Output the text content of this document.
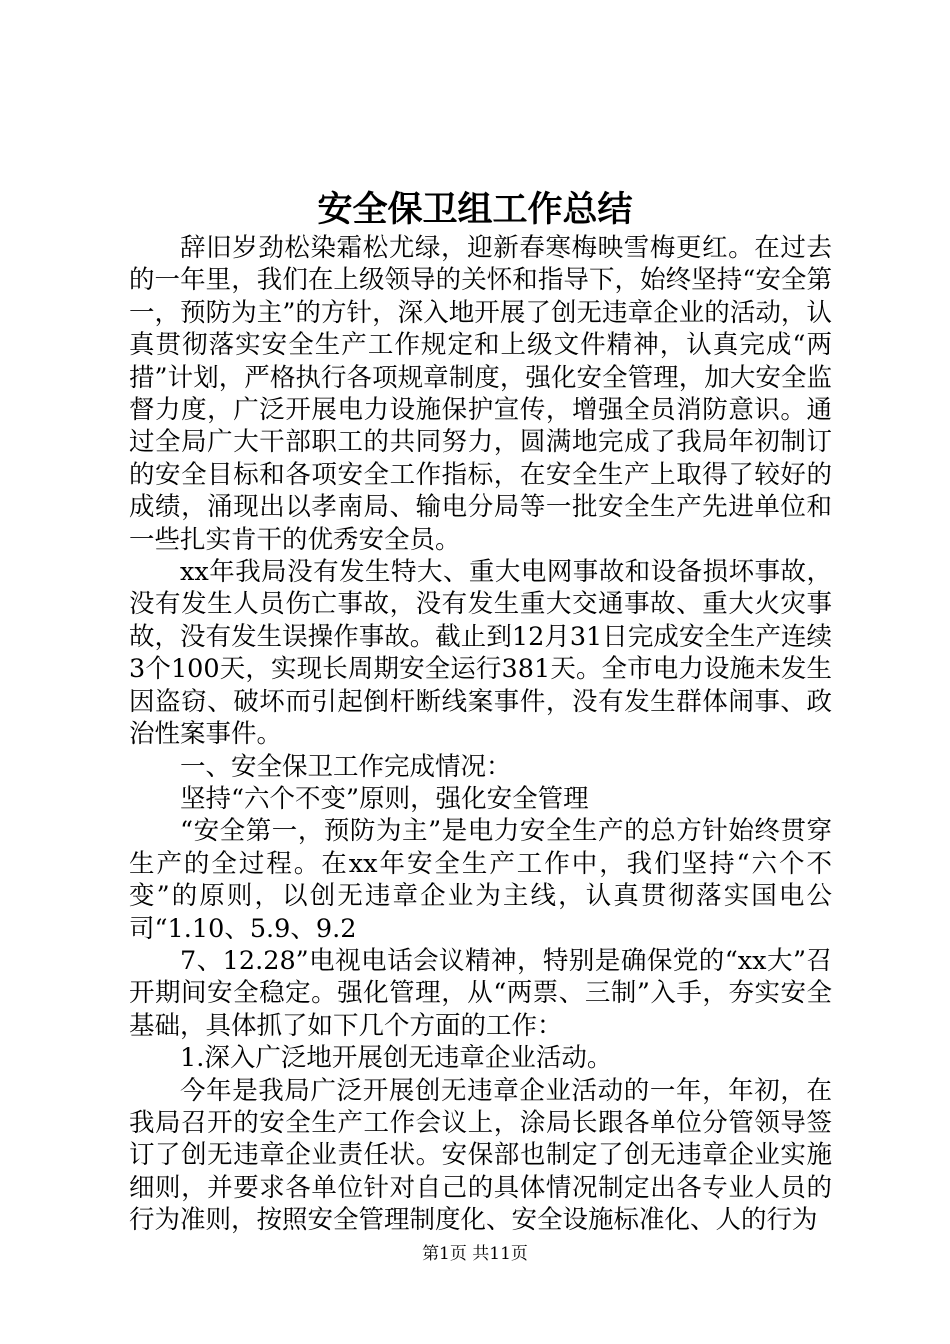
安全保卫组工作总结

辞旧岁劲松染霜松尤绿，迎新春寒梅映雪梅更红。在过去的一年里，我们在上级领导的关怀和指导下，始终坚持“安全第一，预防为主”的方针，深入地开展了创无违章企业的活动，认真贯彻落实安全生产工作规定和上级文件精神，认真完成“两措”计划，严格执行各项规章制度，强化安全管理，加大安全监督力度，广泛开展电力设施保护宣传，增强全员消防意识。通过全局广大干部职工的共同努力，圆满地完成了我局年初制订的安全目标和各项安全工作指标，在安全生产上取得了较好的成绩，涌现出以孝南局、输电分局等一批安全生产先进单位和一些扎实肯干的优秀安全员。

xx年我局没有发生特大、重大电网事故和设备损坏事故，没有发生人员伤亡事故，没有发生重大交通事故、重大火灾事故，没有发生误操作事故。截止到12月31日完成安全生产连续3个100天，实现长周期安全运行381天。全市电力设施未发生因盗窃、破坏而引起倒杆断线案事件，没有发生群体闹事、政治性案事件。

一、安全保卫工作完成情况：

坚持“六个不变”原则，强化安全管理

“安全第一，预防为主”是电力安全生产的总方针始终贯穿生产的全过程。在xx年安全生产工作中，我们坚持“六个不变”的原则，以创无违章企业为主线，认真贯彻落实国电公司“1.10、5.9、9.2

7、12.28”电视电话会议精神，特别是确保党的“xx大”召开期间安全稳定。强化管理，从“两票、三制”入手，夯实安全基础，具体抓了如下几个方面的工作：

1.深入广泛地开展创无违章企业活动。

今年是我局广泛开展创无违章企业活动的一年，年初，在我局召开的安全生产工作会议上，涂局长跟各单位分管领导签订了创无违章企业责任状。安保部也制定了创无违章企业实施细则，并要求各单位针对自己的具体情况制定出各专业人员的行为准则，按照安全管理制度化、安全设施标准化、人的行为

第1页 共11页
